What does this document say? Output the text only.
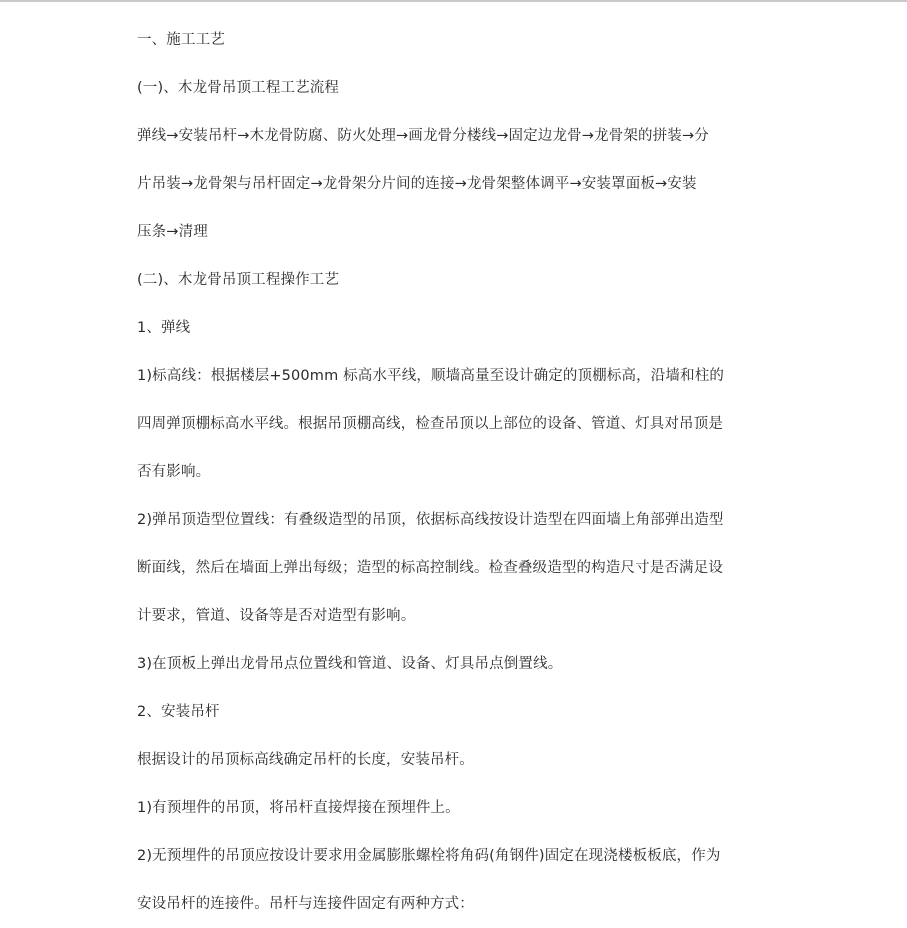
一、施工工艺
(一)、木龙骨吊顶工程工艺流程
弹线→安装吊杆→木龙骨防腐、防火处理→画龙骨分楼线→固定边龙骨→龙骨架的拼装→分
片吊装→龙骨架与吊杆固定→龙骨架分片间的连接→龙骨架整体调平→安装罩面板→安装
压条→清理
(二)、木龙骨吊顶工程操作工艺
1、弹线
1)标高线：根据楼层+500mm 标高水平线，顺墙高量至设计确定的顶棚标高，沿墙和柱的
四周弹顶棚标高水平线。根据吊顶棚高线，检查吊顶以上部位的设备、管道、灯具对吊顶是
否有影响。
2)弹吊顶造型位置线：有叠级造型的吊顶，依据标高线按设计造型在四面墙上角部弹出造型
断面线，然后在墙面上弹出每级；造型的标高控制线。检查叠级造型的构造尺寸是否满足设
计要求，管道、设备等是否对造型有影响。
3)在顶板上弹出龙骨吊点位置线和管道、设备、灯具吊点倒置线。
2、安装吊杆
根据设计的吊顶标高线确定吊杆的长度，安装吊杆。
1)有预埋件的吊顶，将吊杆直接焊接在预埋件上。
2)无预埋件的吊顶应按设计要求用金属膨胀螺栓将角码(角钢件)固定在现浇楼板板底，作为
安设吊杆的连接件。吊杆与连接件固定有两种方式：
